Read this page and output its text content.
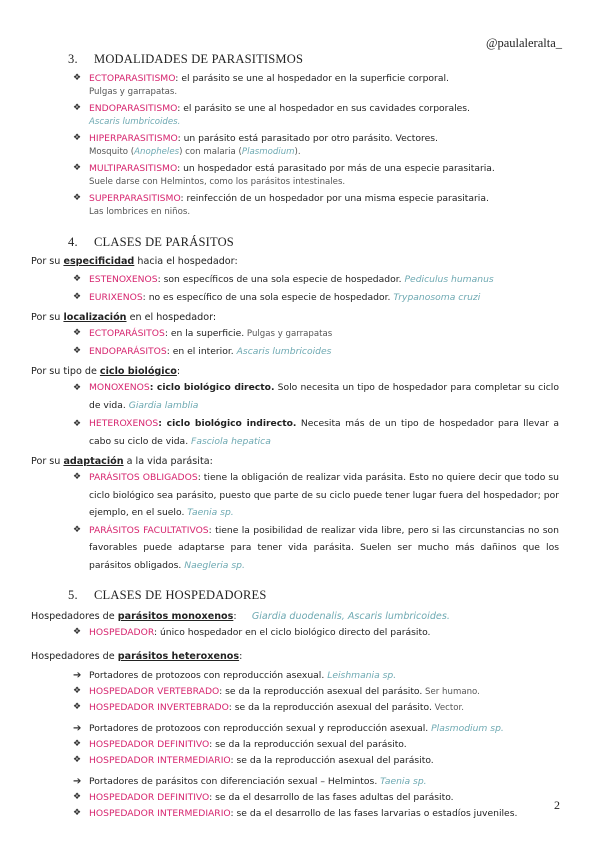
@paulaleralta_
3.	MODALIDADES DE PARASITISMOS
❖ ECTOPARASITISMO: el parásito se une al hospedador en la superficie corporal.
Pulgas y garrapatas.
❖ ENDOPARASITISMO: el parásito se une al hospedador en sus cavidades corporales.
Ascaris lumbricoides.
❖ HIPERPARASITISMO: un parásito está parasitado por otro parásito. Vectores.
Mosquito (Anopheles) con malaria (Plasmodium).
❖ MULTIPARASITISMO: un hospedador está parasitado por más de una especie parasitaria.
Suele darse con Helmintos, como los parásitos intestinales.
❖ SUPERPARASITISMO: reinfección de un hospedador por una misma especie parasitaria.
Las lombrices en niños.
4.	CLASES DE PARÁSITOS
Por su especificidad hacia el hospedador:
❖ ESTENOXENOS: son específicos de una sola especie de hospedador. Pediculus humanus
❖ EURIXENOS: no es específico de una sola especie de hospedador. Trypanosoma cruzi
Por su localización en el hospedador:
❖ ECTOPARÁSITOS: en la superficie. Pulgas y garrapatas
❖ ENDOPARÁSITOS: en el interior. Ascaris lumbricoides
Por su tipo de ciclo biológico:
❖ MONOXENOS: ciclo biológico directo. Solo necesita un tipo de hospedador para completar su ciclo de vida. Giardia lamblia
❖ HETEROXENOS: ciclo biológico indirecto. Necesita más de un tipo de hospedador para llevar a cabo su ciclo de vida. Fasciola hepatica
Por su adaptación a la vida parásita:
❖ PARÁSITOS OBLIGADOS: tiene la obligación de realizar vida parásita. Esto no quiere decir que todo su ciclo biológico sea parásito, puesto que parte de su ciclo puede tener lugar fuera del hospedador; por ejemplo, en el suelo. Taenia sp.
❖ PARÁSITOS FACULTATIVOS: tiene la posibilidad de realizar vida libre, pero si las circunstancias no son favorables puede adaptarse para tener vida parásita. Suelen ser mucho más dañinos que los parásitos obligados. Naegleria sp.
5.	CLASES DE HOSPEDADORES
Hospedadores de parásitos monoxenos: Giardia duodenalis, Ascaris lumbricoides.
❖ HOSPEDADOR: único hospedador en el ciclo biológico directo del parásito.
Hospedadores de parásitos heteroxenos:
➔ Portadores de protozoos con reproducción asexual. Leishmania sp.
❖ HOSPEDADOR VERTEBRADO: se da la reproducción asexual del parásito. Ser humano.
❖ HOSPEDADOR INVERTEBRADO: se da la reproducción asexual del parásito. Vector.
➔ Portadores de protozoos con reproducción sexual y reproducción asexual. Plasmodium sp.
❖ HOSPEDADOR DEFINITIVO: se da la reproducción sexual del parásito.
❖ HOSPEDADOR INTERMEDIARIO: se da la reproducción asexual del parásito.
➔ Portadores de parásitos con diferenciación sexual – Helmintos. Taenia sp.
❖ HOSPEDADOR DEFINITIVO: se da el desarrollo de las fases adultas del parásito.
❖ HOSPEDADOR INTERMEDIARIO: se da el desarrollo de las fases larvarias o estadíos juveniles.
2
